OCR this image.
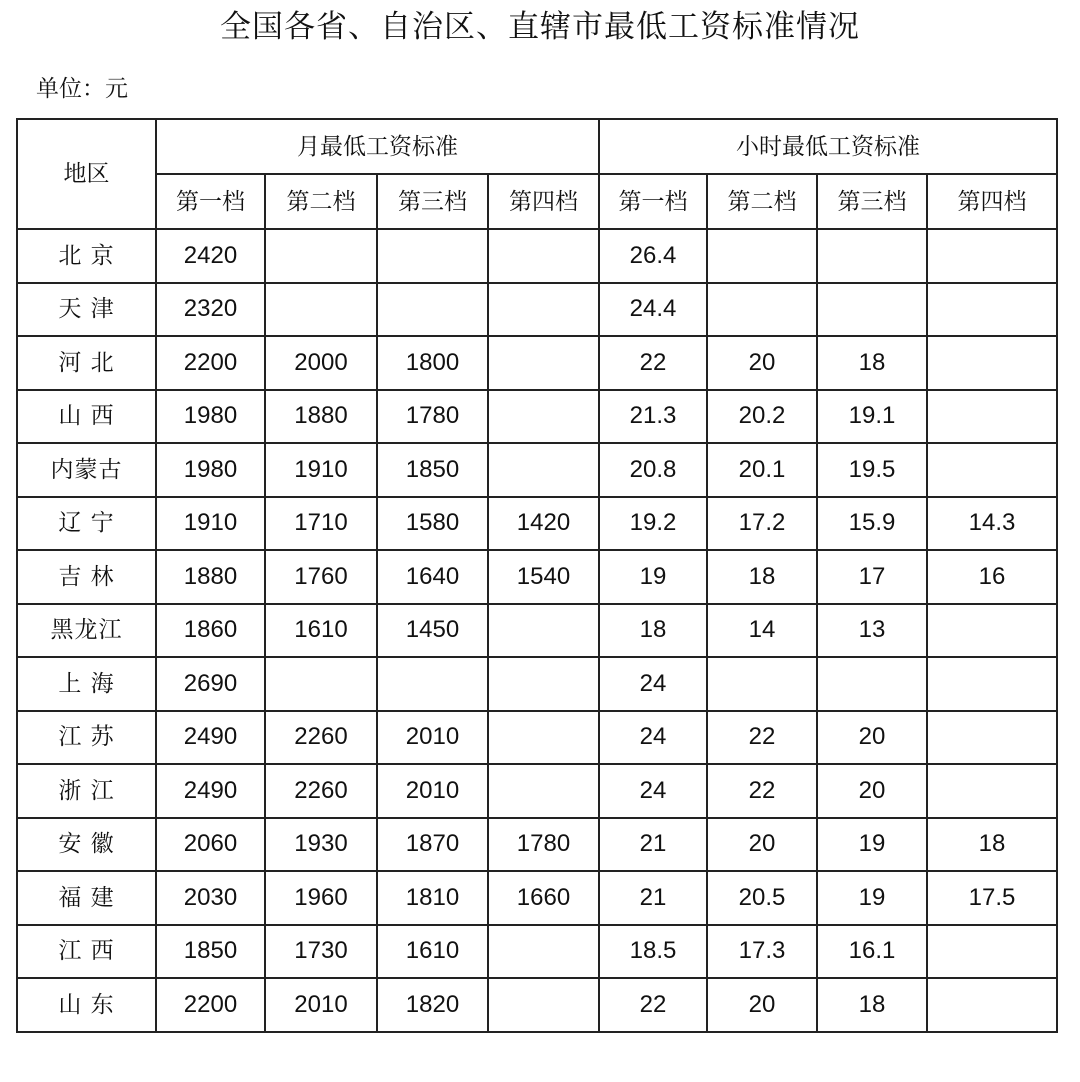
全国各省、自治区、直辖市最低工资标准情况
单位：元
地区	月最低工资标准				小时最低工资标准			
	第一档	第二档	第三档	第四档	第一档	第二档	第三档	第四档
北 京	2420				26.4			
天 津	2320				24.4			
河 北	2200	2000	1800		22	20	18	
山 西	1980	1880	1780		21.3	20.2	19.1	
内蒙古	1980	1910	1850		20.8	20.1	19.5	
辽 宁	1910	1710	1580	1420	19.2	17.2	15.9	14.3
吉 林	1880	1760	1640	1540	19	18	17	16
黑龙江	1860	1610	1450		18	14	13	
上 海	2690				24			
江 苏	2490	2260	2010		24	22	20	
浙 江	2490	2260	2010		24	22	20	
安 徽	2060	1930	1870	1780	21	20	19	18
福 建	2030	1960	1810	1660	21	20.5	19	17.5
江 西	1850	1730	1610		18.5	17.3	16.1	
山 东	2200	2010	1820		22	20	18	
